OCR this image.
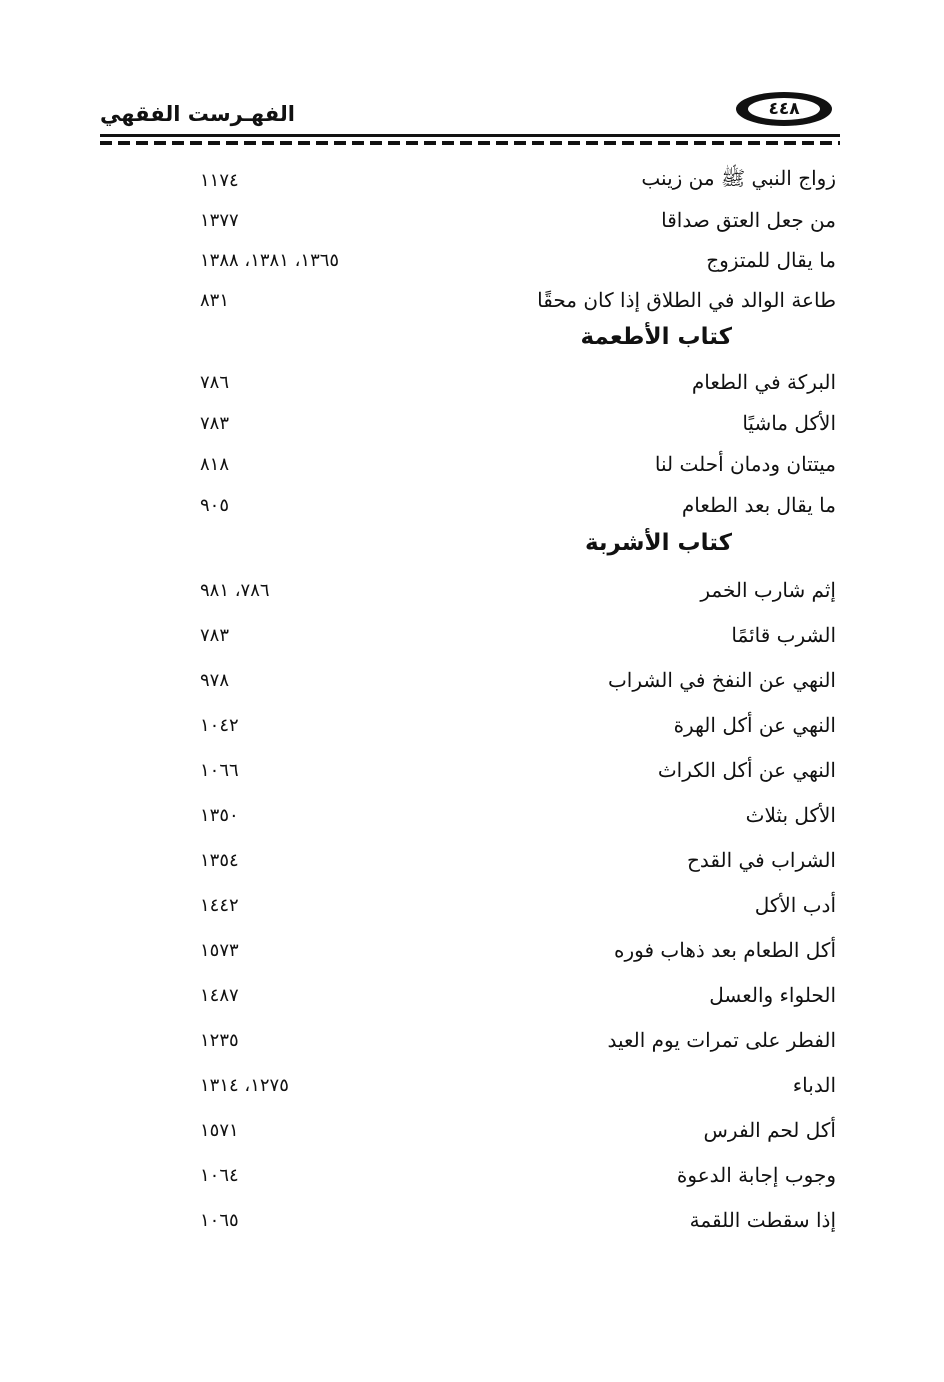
الفهـرست الفقهي	٤٤٨
زواج النبي ﷺ من زينب
١١٧٤
من جعل العتق صداقا
١٣٧٧
ما يقال للمتزوج
١٣٦٥، ١٣٨١، ١٣٨٨
طاعة الوالد في الطلاق إذا كان محقًا
٨٣١
كتاب الأطعمة
البركة في الطعام
٧٨٦
الأكل ماشيًا
٧٨٣
ميتتان ودمان أحلت لنا
٨١٨
ما يقال بعد الطعام
٩٠٥
كتاب الأشربة
إثم شارب الخمر
٧٨٦، ٩٨١
الشرب قائمًا
٧٨٣
النهي عن النفخ في الشراب
٩٧٨
النهي عن أكل الهرة
١٠٤٢
النهي عن أكل الكراث
١٠٦٦
الأكل بثلاث
١٣٥٠
الشراب في القدح
١٣٥٤
أدب الأكل
١٤٤٢
أكل الطعام بعد ذهاب فوره
١٥٧٣
الحلواء والعسل
١٤٨٧
الفطر على تمرات يوم العيد
١٢٣٥
الدباء
١٢٧٥، ١٣١٤
أكل لحم الفرس
١٥٧١
وجوب إجابة الدعوة
١٠٦٤
إذا سقطت اللقمة
١٠٦٥
